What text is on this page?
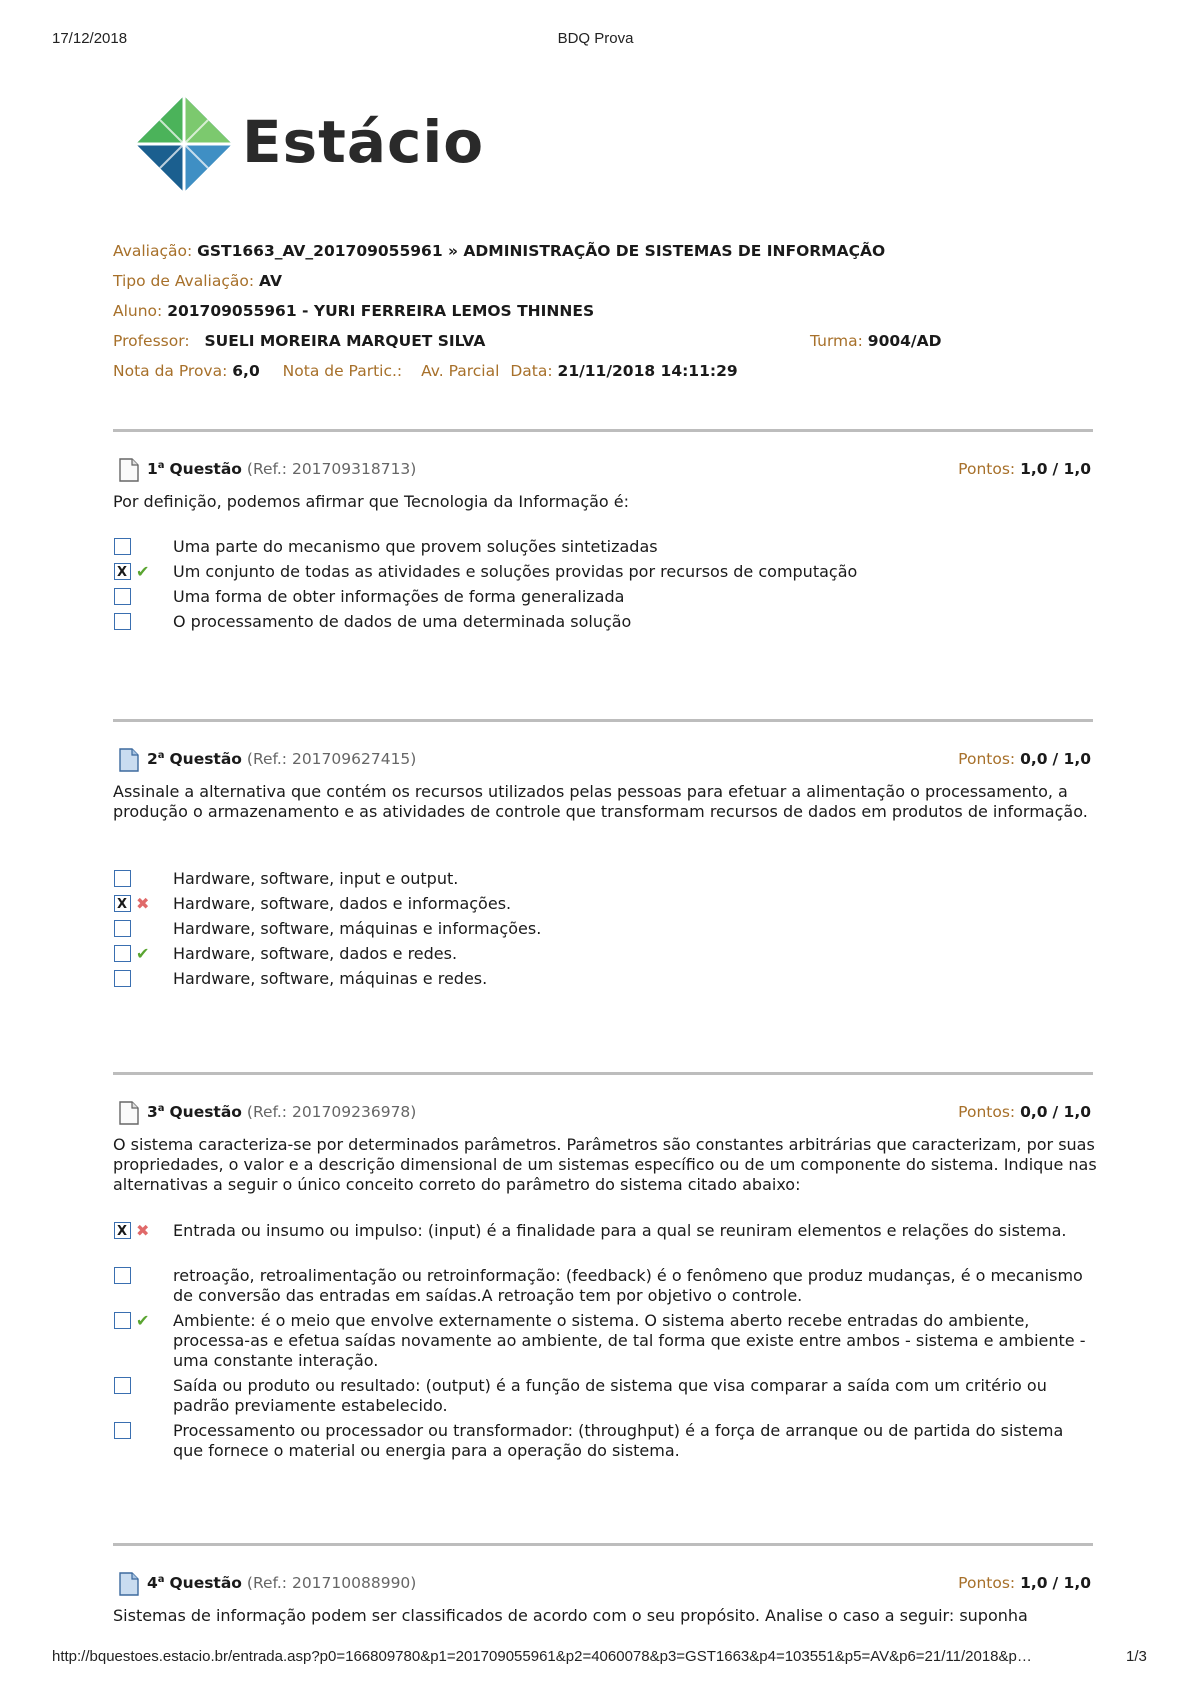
17/12/2018	BDQ Prova
Estácio
Avaliação: GST1663_AV_201709055961 » ADMINISTRAÇÃO DE SISTEMAS DE INFORMAÇÃO
Tipo de Avaliação: AV
Aluno: 201709055961 - YURI FERREIRA LEMOS THINNES
Professor: SUELI MOREIRA MARQUET SILVA	Turma: 9004/AD
Nota da Prova: 6,0 Nota de Partic.: Av. Parcial Data: 21/11/2018 14:11:29
1$^a$ Questão (Ref.: 201709318713)	Pontos: 1,0 / 1,0
Por definição, podemos afirmar que Tecnologia da Informação é:
Uma parte do mecanismo que provem soluções sintetizadas
X
✔ Um conjunto de todas as atividades e soluções providas por recursos de computação
Uma forma de obter informações de forma generalizada
O processamento de dados de uma determinada solução
2$^a$ Questão (Ref.: 201709627415)	Pontos: 0,0 / 1,0
Assinale a alternativa que contém os recursos utilizados pelas pessoas para efetuar a alimentação o processamento, a produção o armazenamento e as atividades de controle que transformam recursos de dados em produtos de informação.
Hardware, software, input e output.
X
✖ Hardware, software, dados e informações.
Hardware, software, máquinas e informações.
✔ Hardware, software, dados e redes.
Hardware, software, máquinas e redes.
3$^a$ Questão (Ref.: 201709236978)	Pontos: 0,0 / 1,0
O sistema caracteriza-se por determinados parâmetros. Parâmetros são constantes arbitrárias que caracterizam, por suas propriedades, o valor e a descrição dimensional de um sistemas específico ou de um componente do sistema. Indique nas alternativas a seguir o único conceito correto do parâmetro do sistema citado abaixo:
X
✖ Entrada ou insumo ou impulso: (input) é a finalidade para a qual se reuniram elementos e relações do sistema.
retroação, retroalimentação ou retroinformação: (feedback) é o fenômeno que produz mudanças, é o mecanismo de conversão das entradas em saídas.A retroação tem por objetivo o controle.
✔ Ambiente: é o meio que envolve externamente o sistema. O sistema aberto recebe entradas do ambiente, processa-as e efetua saídas novamente ao ambiente, de tal forma que existe entre ambos - sistema e ambiente - uma constante interação.
Saída ou produto ou resultado: (output) é a função de sistema que visa comparar a saída com um critério ou padrão previamente estabelecido.
Processamento ou processador ou transformador: (throughput) é a força de arranque ou de partida do sistema que fornece o material ou energia para a operação do sistema.
4$^a$ Questão (Ref.: 201710088990)	Pontos: 1,0 / 1,0
Sistemas de informação podem ser classificados de acordo com o seu propósito. Analise o caso a seguir: suponha
http://bquestoes.estacio.br/entrada.asp?p0=166809780&p1=201709055961&p2=4060078&p3=GST1663&p4=103551&p5=AV&p6=21/11/2018&p…	1/3
